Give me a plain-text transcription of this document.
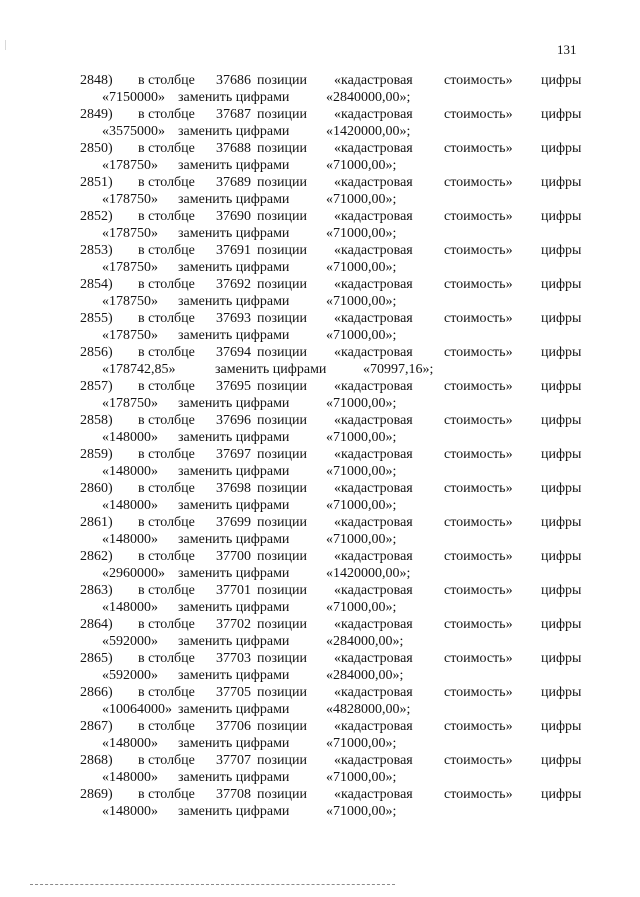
131
2848) в столбце 37686 позиции «кадастровая стоимость» цифры
«7150000» заменить цифрами	«2840000,00»;
2849) в столбце 37687 позиции «кадастровая стоимость» цифры
«3575000» заменить цифрами	«1420000,00»;
2850) в столбце 37688 позиции «кадастровая стоимость» цифры
«178750» заменить цифрами	«71000,00»;
2851) в столбце 37689 позиции «кадастровая стоимость» цифры
«178750» заменить цифрами	«71000,00»;
2852) в столбце 37690 позиции «кадастровая стоимость» цифры
«178750» заменить цифрами	«71000,00»;
2853) в столбце 37691 позиции «кадастровая стоимость» цифры
«178750» заменить цифрами	«71000,00»;
2854) в столбце 37692 позиции «кадастровая стоимость» цифры
«178750» заменить цифрами	«71000,00»;
2855) в столбце 37693 позиции «кадастровая стоимость» цифры
«178750» заменить цифрами	«71000,00»;
2856) в столбце 37694 позиции «кадастровая стоимость» цифры
«178742,85»	заменить цифрами	«70997,16»;
2857) в столбце 37695 позиции «кадастровая стоимость» цифры
«178750» заменить цифрами	«71000,00»;
2858) в столбце 37696 позиции «кадастровая стоимость» цифры
«148000» заменить цифрами	«71000,00»;
2859) в столбце 37697 позиции «кадастровая стоимость» цифры
«148000» заменить цифрами	«71000,00»;
2860) в столбце 37698 позиции «кадастровая стоимость» цифры
«148000» заменить цифрами	«71000,00»;
2861) в столбце 37699 позиции «кадастровая стоимость» цифры
«148000» заменить цифрами	«71000,00»;
2862) в столбце 37700 позиции «кадастровая стоимость» цифры
«2960000» заменить цифрами	«1420000,00»;
2863) в столбце 37701 позиции «кадастровая стоимость» цифры
«148000» заменить цифрами	«71000,00»;
2864) в столбце 37702 позиции «кадастровая стоимость» цифры
«592000» заменить цифрами	«284000,00»;
2865) в столбце 37703 позиции «кадастровая стоимость» цифры
«592000» заменить цифрами	«284000,00»;
2866) в столбце 37705 позиции «кадастровая стоимость» цифры
«10064000» заменить цифрами	«4828000,00»;
2867) в столбце 37706 позиции «кадастровая стоимость» цифры
«148000» заменить цифрами	«71000,00»;
2868) в столбце 37707 позиции «кадастровая стоимость» цифры
«148000» заменить цифрами	«71000,00»;
2869) в столбце 37708 позиции «кадастровая стоимость» цифры
«148000» заменить цифрами	«71000,00»;
